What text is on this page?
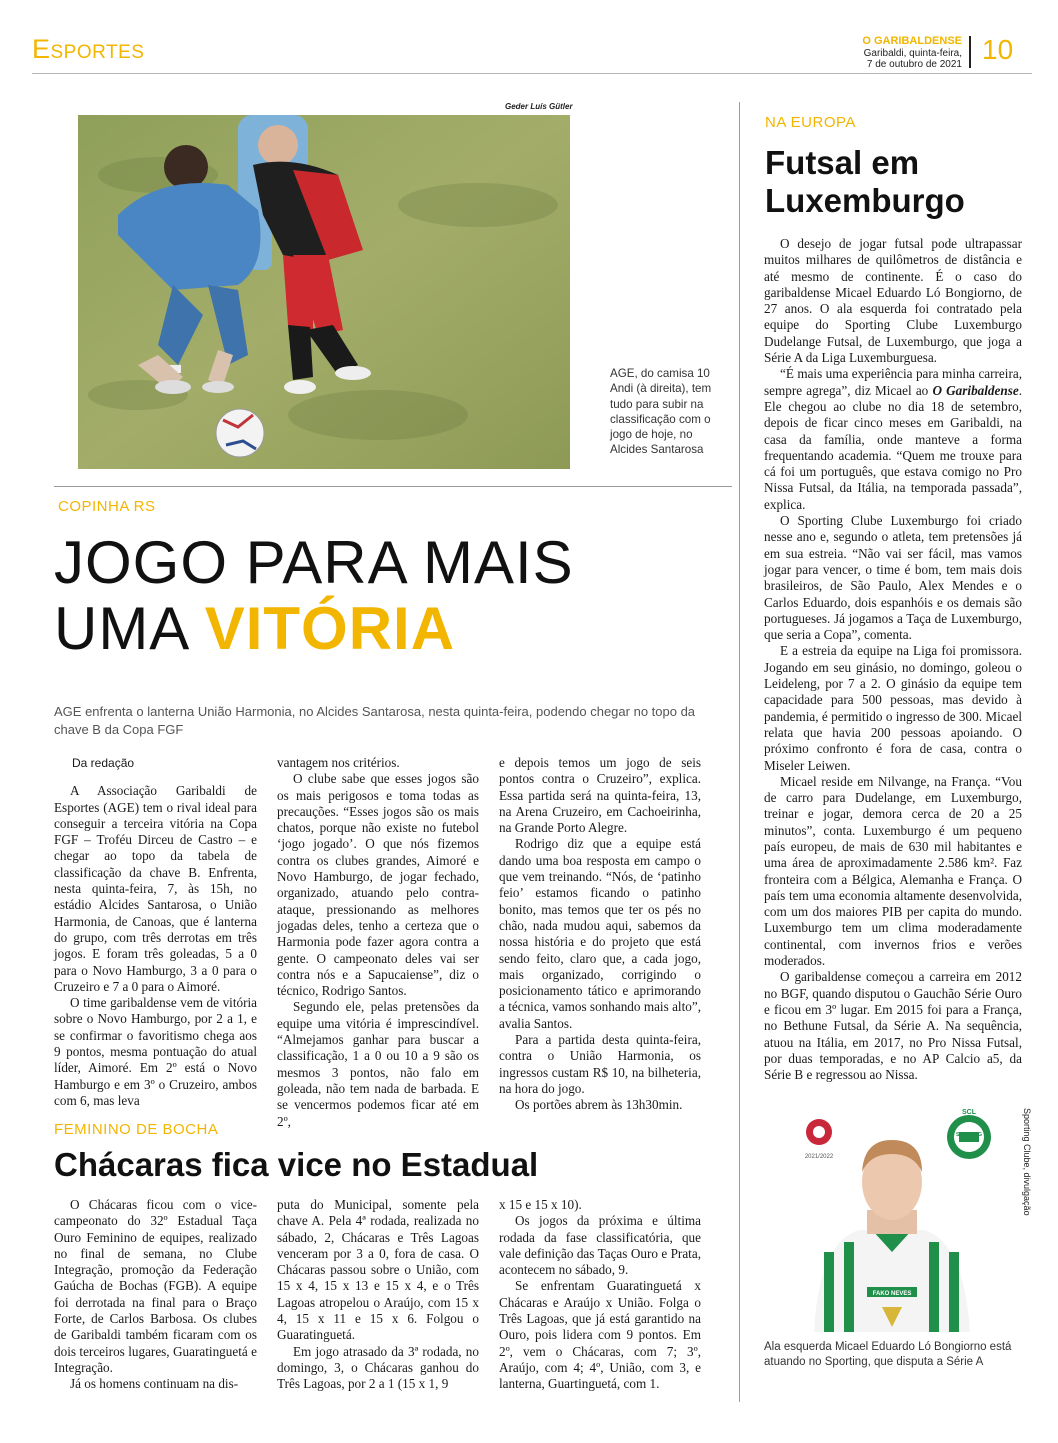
Esportes	O GARIBALDENSE
Garibaldi, quinta-feira,
7 de outubro de 2021 10
Geder Luís Gütler
AGE, do camisa 10 Andi (à direita), tem tudo para subir na classificação com o jogo de hoje, no Alcides Santarosa
COPINHA RS
JOGO PARA MAIS
UMA VITÓRIA
AGE enfrenta o lanterna União Harmonia, no Alcides Santarosa, nesta quinta-feira, podendo chegar no topo da chave B da Copa FGF
Da redação

A Associação Garibaldi de Esportes (AGE) tem o rival ideal para conseguir a terceira vitória na Copa FGF – Troféu Dirceu de Castro – e chegar ao topo da tabela de classificação da chave B. Enfrenta, nesta quinta-feira, 7, às 15h, no estádio Alcides Santarosa, o União Harmonia, de Canoas, que é lanterna do grupo, com três derrotas em três jogos. E foram três goleadas, 5 a 0 para o Novo Hamburgo, 3 a 0 para o Cruzeiro e 7 a 0 para o Aimoré.

O time garibaldense vem de vitória sobre o Novo Hamburgo, por 2 a 1, e se confirmar o favoritismo chega aos 9 pontos, mesma pontuação do atual líder, Aimoré. Em 2º está o Novo Hamburgo e em 3º o Cruzeiro, ambos com 6, mas leva

vantagem nos critérios.

O clube sabe que esses jogos são os mais perigosos e toma todas as precauções. “Esses jogos são os mais chatos, porque não existe no futebol ‘jogo jogado’. O que nós fizemos contra os clubes grandes, Aimoré e Novo Hamburgo, de jogar fechado, organizado, atuando pelo contra-ataque, pressionando as melhores jogadas deles, tenho a certeza que o Harmonia pode fazer agora contra a gente. O campeonato deles vai ser contra nós e a Sapucaiense”, diz o técnico, Rodrigo Santos.

Segundo ele, pelas pretensões da equipe uma vitória é imprescindível. “Almejamos ganhar para buscar a classificação, 1 a 0 ou 10 a 9 são os mesmos 3 pontos, não falo em goleada, não tem nada de barbada. E se vencermos podemos ficar até em 2º,

e depois temos um jogo de seis pontos contra o Cruzeiro”, explica. Essa partida será na quinta-feira, 13, na Arena Cruzeiro, em Cachoeirinha, na Grande Porto Alegre.

Rodrigo diz que a equipe está dando uma boa resposta em campo o que vem treinando. “Nós, de ‘patinho feio’ estamos ficando o patinho bonito, mas temos que ter os pés no chão, nada mudou aqui, sabemos da nossa história e do projeto que está sendo feito, claro que, a cada jogo, mais organizado, corrigindo o posicionamento tático e aprimorando a técnica, vamos sonhando mais alto”, avalia Santos.

Para a partida desta quinta-feira, contra o União Harmonia, os ingressos custam R$ 10, na bilheteria, na hora do jogo.

Os portões abrem às 13h30min.

FEMININO DE BOCHA
Chácaras fica vice no Estadual

O Chácaras ficou com o vice-campeonato do 32º Estadual Taça Ouro Feminino de equipes, realizado no final de semana, no Clube Integração, promoção da Federação Gaúcha de Bochas (FGB). A equipe foi derrotada na final para o Braço Forte, de Carlos Barbosa. Os clubes de Garibaldi também ficaram com os dois terceiros lugares, Guaratinguetá e Integração.

Já os homens continuam na dis-

puta do Municipal, somente pela chave A. Pela 4ª rodada, realizada no sábado, 2, Chácaras e Três Lagoas venceram por 3 a 0, fora de casa. O Chácaras passou sobre o União, com 15 x 4, 15 x 13 e 15 x 4, e o Três Lagoas atropelou o Araújo, com 15 x 4, 15 x 11 e 15 x 6. Folgou o Guaratinguetá.

Em jogo atrasado da 3ª rodada, no domingo, 3, o Chácaras ganhou do Três Lagoas, por 2 a 1 (15 x 1, 9

x 15 e 15 x 10).

Os jogos da próxima e última rodada da fase classificatória, que vale definição das Taças Ouro e Prata, acontecem no sábado, 9.

Se enfrentam Guaratinguetá x Chácaras e Araújo x União. Folga o Três Lagoas, que já está garantido na Ouro, pois lidera com 9 pontos. Em 2º, vem o Chácaras, com 7; 3º, Araújo, com 4; 4º, União, com 3, e lanterna, Guartinguetá, com 1.

NA EUROPA
Futsal em
Luxemburgo

O desejo de jogar futsal pode ultrapassar muitos milhares de quilômetros de distância e até mesmo de continente. É o caso do garibaldense Micael Eduardo Ló Bongiorno, de 27 anos. O ala esquerda foi contratado pela equipe do Sporting Clube Luxemburgo Dudelange Futsal, de Luxemburgo, que joga a Série A da Liga Luxemburguesa.

“É mais uma experiência para minha carreira, sempre agrega”, diz Micael ao O Garibaldense. Ele chegou ao clube no dia 18 de setembro, depois de ficar cinco meses em Garibaldi, na casa da família, onde manteve a forma frequentando academia. “Quem me trouxe para cá foi um português, que estava comigo no Pro Nissa Futsal, da Itália, na temporada passada”, explica.

O Sporting Clube Luxemburgo foi criado nesse ano e, segundo o atleta, tem pretensões já em sua estreia. “Não vai ser fácil, mas vamos jogar para vencer, o time é bom, tem mais dois brasileiros, de São Paulo, Alex Mendes e o Carlos Eduardo, dois espanhóis e os demais são portugueses. Já jogamos a Taça de Luxemburgo, que seria a Copa”, comenta.

E a estreia da equipe na Liga foi promissora. Jogando em seu ginásio, no domingo, goleou o Leideleng, por 7 a 2. O ginásio da equipe tem capacidade para 500 pessoas, mas devido à pandemia, é permitido o ingresso de 300. Micael relata que havia 200 pessoas apoiando. O próximo confronto é fora de casa, contra o Miseler Leiwen.

Micael reside em Nilvange, na França. “Vou de carro para Dudelange, em Luxemburgo, treinar e jogar, demora cerca de 20 a 25 minutos”, conta. Luxemburgo é um pequeno país europeu, de mais de 630 mil habitantes e uma área de aproximadamente 2.586 km². Faz fronteira com a Bélgica, Alemanha e França. O país tem uma economia altamente desenvolvida, com um dos maiores PIB per capita do mundo. Luxemburgo tem um clima moderadamente continental, com invernos frios e verões moderados.

O garibaldense começou a carreira em 2012 no BGF, quando disputou o Gauchão Série Ouro e ficou em 3º lugar. Em 2015 foi para a França, no Bethune Futsal, da Série A. Na sequência, atuou na Itália, em 2017, no Pro Nissa Futsal, por duas temporadas, e no AP Calcio a5, da Série B e regressou ao Nissa.

2021/2022
SCL
SPORTING
FAKO NEVES
Sporting Clube, divulgação
Ala esquerda Micael Eduardo Ló Bongiorno está atuando no Sporting, que disputa a Série A
